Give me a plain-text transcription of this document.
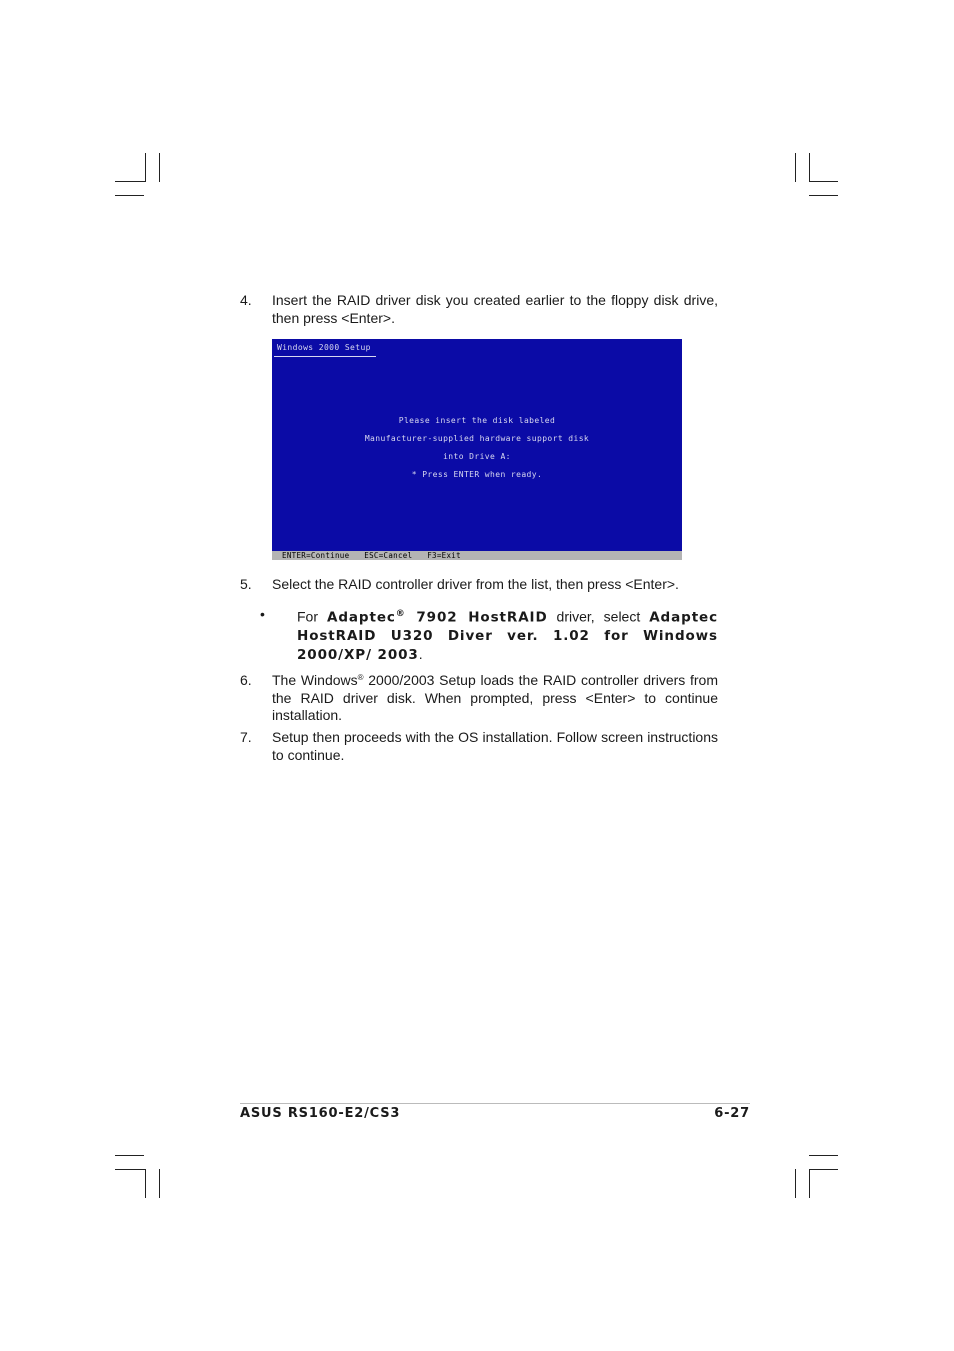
4. Insert the RAID driver disk you created earlier to the floppy disk drive, then press <Enter>.
Windows 2000 Setup
Please insert the disk labeled
Manufacturer-supplied hardware support disk
into Drive A:
* Press ENTER when ready.
ENTER=Continue ESC=Cancel F3=Exit
5. Select the RAID controller driver from the list, then press <Enter>.
• For Adaptec® 7902 HostRAID driver, select Adaptec HostRAID U320 Diver ver. 1.02 for Windows 2000/XP/ 2003.
6. The Windows® 2000/2003 Setup loads the RAID controller drivers from the RAID driver disk. When prompted, press <Enter> to continue installation.
7. Setup then proceeds with the OS installation. Follow screen instructions to continue.
ASUS RS160-E2/CS3	6-27
